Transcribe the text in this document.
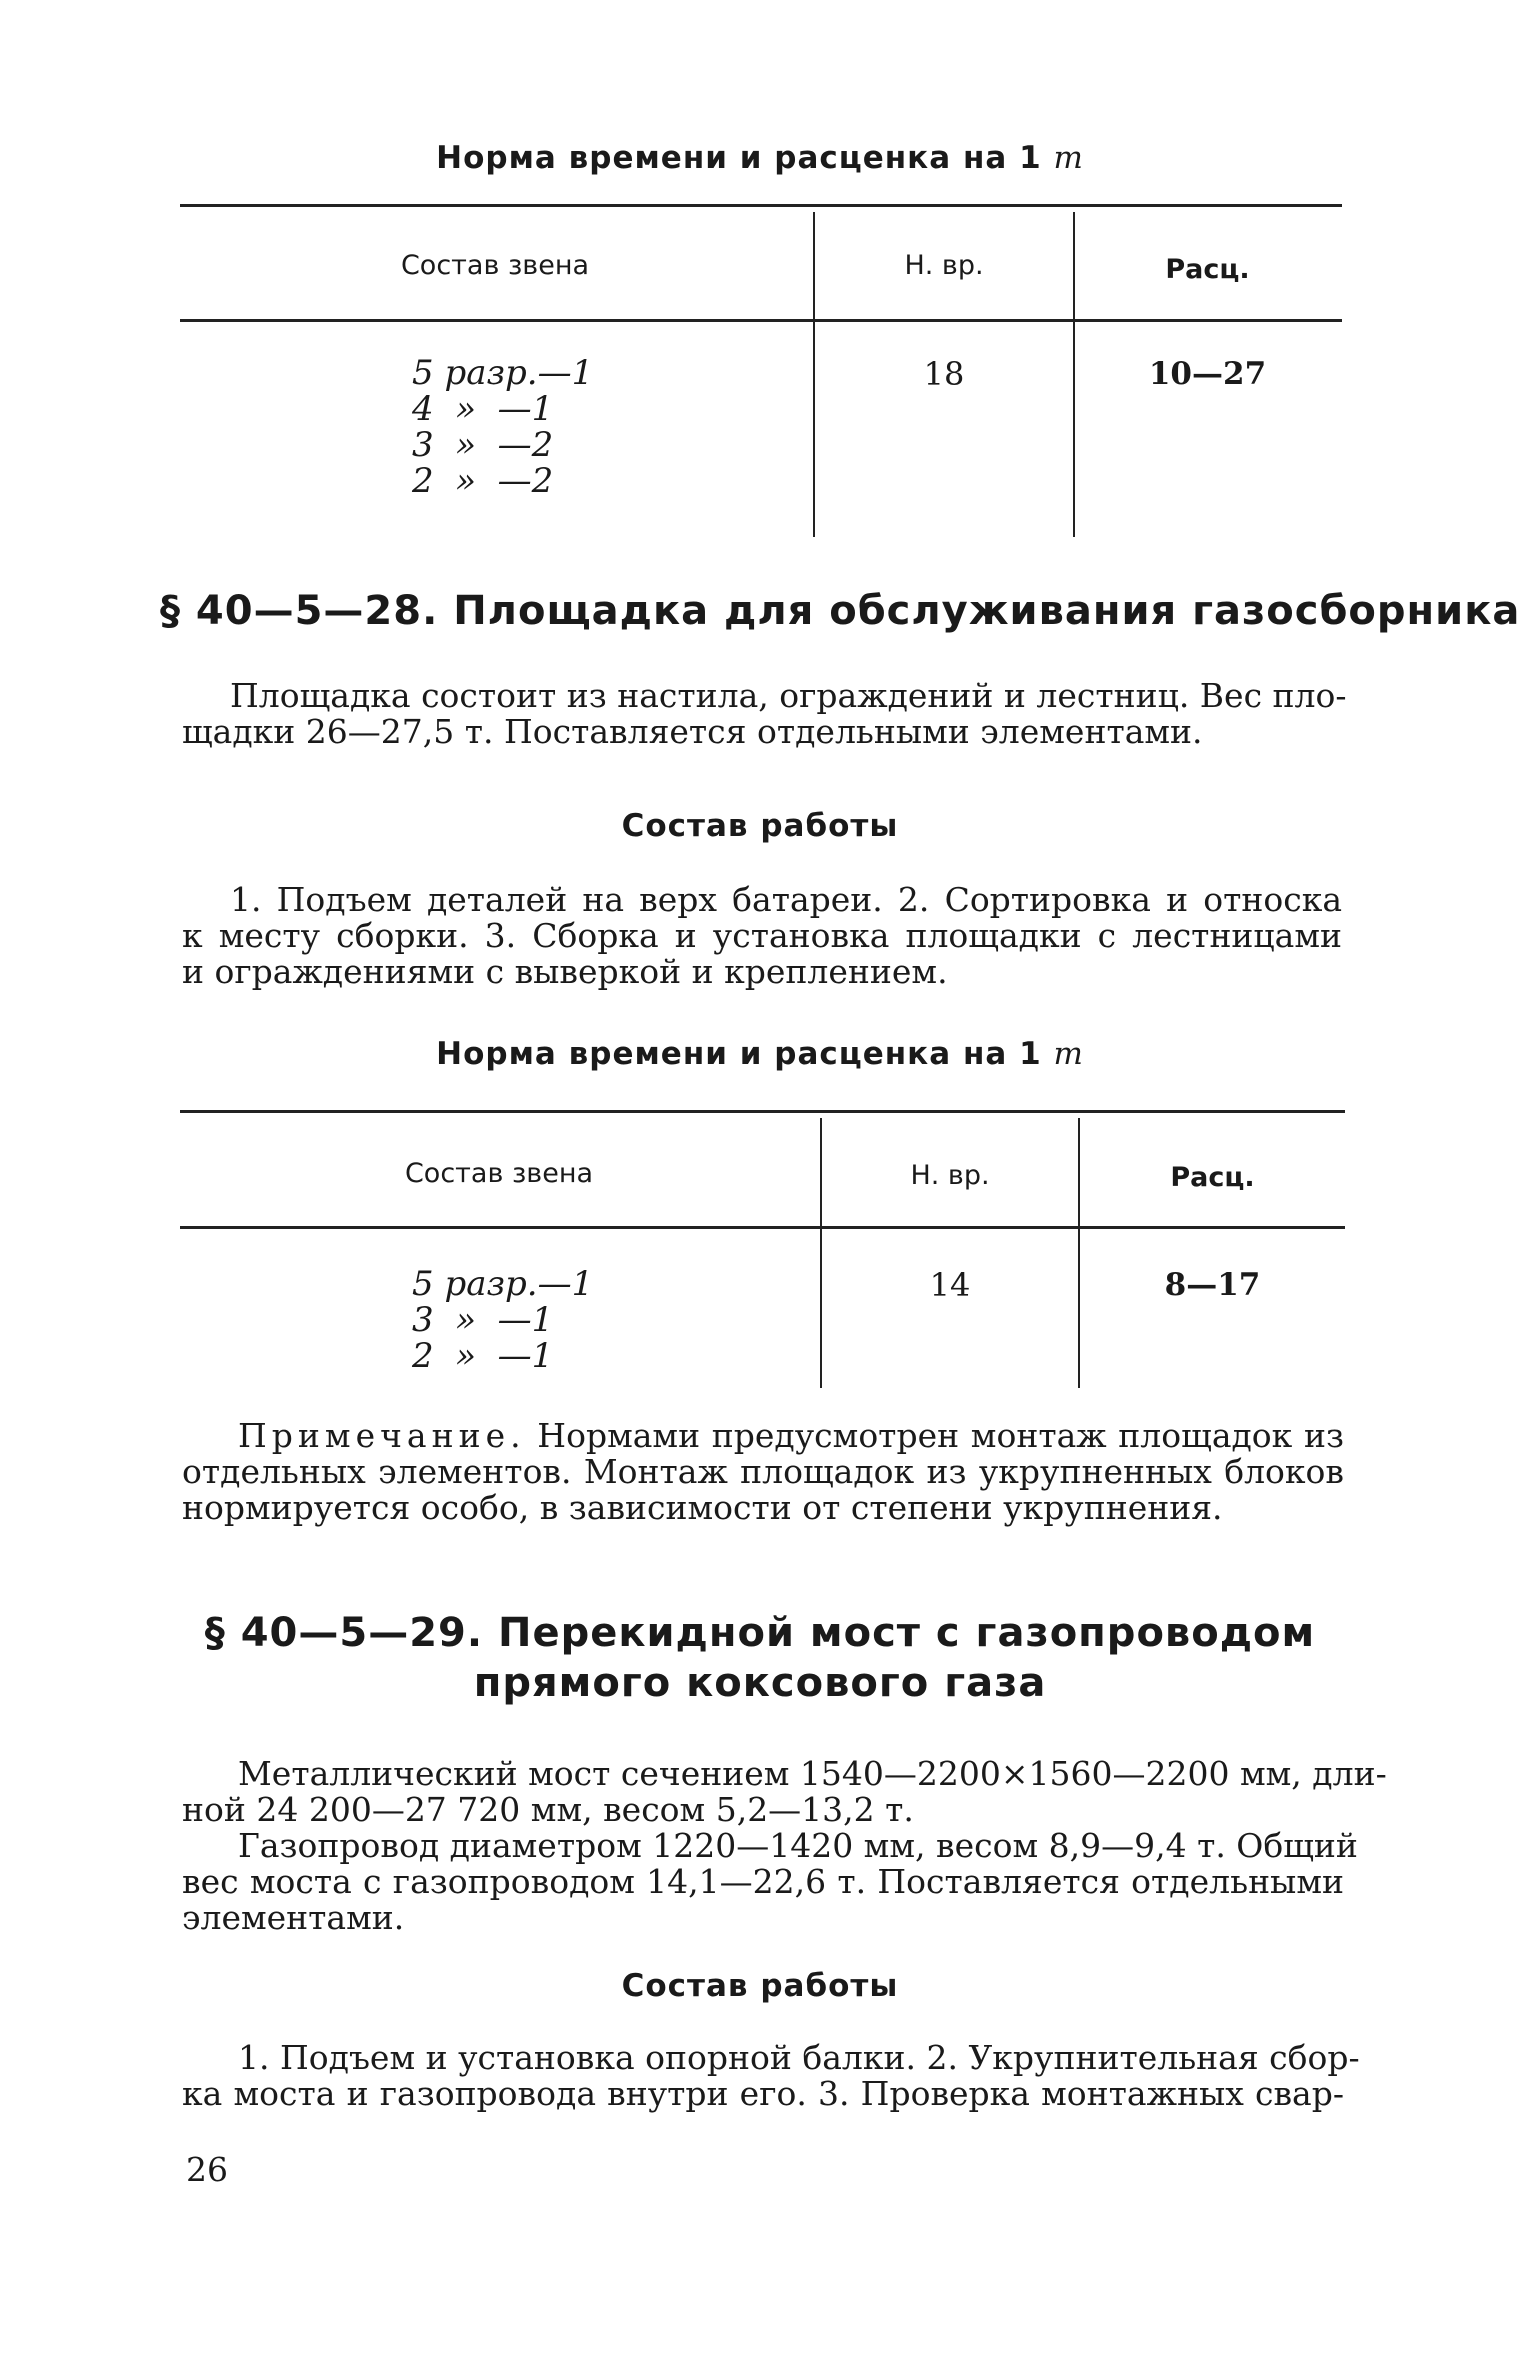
Норма времени и расценка на 1 т
Состав звена	Н. вр.	Расц.
5 разр.—1
4  »  —1
3  »  —2
2  »  —2
18	10—27
§ 40—5—28. Площадка для обслуживания газосборника
Площадка состоит из настила, ограждений и лестниц. Вес пло-
щадки 26—27,5 т. Поставляется отдельными элементами.
Состав работы
1. Подъем деталей на верх батареи. 2. Сортировка и относка
к месту сборки. 3. Сборка и установка площадки с лестницами
и ограждениями с выверкой и креплением.
Норма времени и расценка на 1 т
Состав звена	Н. вр.	Расц.
5 разр.—1
3  »  —1
2  »  —1
14	8—17
Примечание. Нормами предусмотрен монтаж площадок из
отдельных элементов. Монтаж площадок из укрупненных блоков
нормируется особо, в зависимости от степени укрупнения.
§ 40—5—29. Перекидной мост с газопроводом
прямого коксового газа
Металлический мост сечением 1540—2200×1560—2200 мм, дли-
ной 24 200—27 720 мм, весом 5,2—13,2 т.
Газопровод диаметром 1220—1420 мм, весом 8,9—9,4 т. Общий
вес моста с газопроводом 14,1—22,6 т. Поставляется отдельными
элементами.
Состав работы
1. Подъем и установка опорной балки. 2. Укрупнительная сбор-
ка моста и газопровода внутри его. 3. Проверка монтажных свар-
26
